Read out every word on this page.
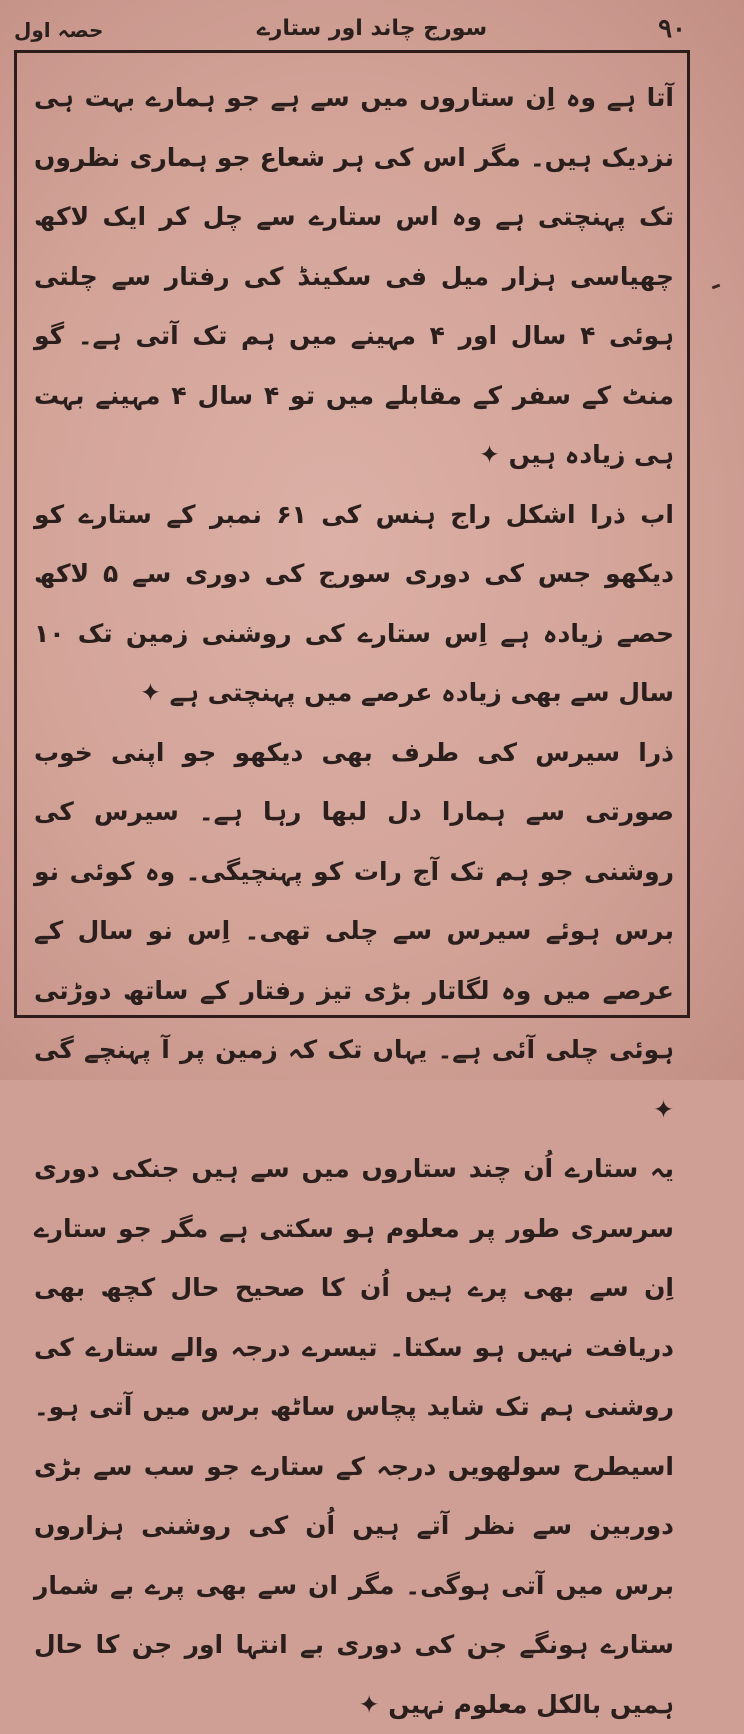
۹۰
سورج چاند اور ستارے
حصہ اول

آتا ہے وہ اِن ستاروں میں سے ہے جو ہمارے بہت ہی نزدیک ہیں۔ مگر اس کی ہر شعاع جو ہماری نظروں تک پہنچتی ہے وہ اس ستارے سے چل کر ایک لاکھ چھیاسی ہزار میل فی سکینڈ کی رفتار سے چلتی ہوئی ۴ سال اور ۴ مہینے میں ہم تک آتی ہے۔ گو منٹ کے سفر کے مقابلے میں تو ۴ سال ۴ مہینے بہت ہی زیادہ ہیں ✦

اب ذرا اشکل راج ہنس کی ۶۱ نمبر کے ستارے کو دیکھو جس کی دوری سورج کی دوری سے ۵ لاکھ حصے زیادہ ہے اِس ستارے کی روشنی زمین تک ۱۰ سال سے بھی زیادہ عرصے میں پہنچتی ہے ✦

ذرا سیرس کی طرف بھی دیکھو جو اپنی خوب صورتی سے ہمارا دل لبھا رہا ہے۔ سیرس کی روشنی جو ہم تک آج رات کو پہنچیگی۔ وہ کوئی نو برس ہوئے سیرس سے چلی تھی۔ اِس نو سال کے عرصے میں وہ لگاتار بڑی تیز رفتار کے ساتھ دوڑتی ہوئی چلی آئی ہے۔ یہاں تک کہ زمین پر آ پہنچے گی ✦

یہ ستارے اُن چند ستاروں میں سے ہیں جنکی دوری سرسری طور پر معلوم ہو سکتی ہے مگر جو ستارے اِن سے بھی پرے ہیں اُن کا صحیح حال کچھ بھی دریافت نہیں ہو سکتا۔ تیسرے درجہ والے ستارے کی روشنی ہم تک شاید پچاس ساٹھ برس میں آتی ہو۔ اسیطرح سولھویں درجہ کے ستارے جو سب سے بڑی دوربین سے نظر آتے ہیں اُن کی روشنی ہزاروں برس میں آتی ہوگی۔ مگر ان سے بھی پرے بے شمار ستارے ہونگے جن کی دوری بے انتہا اور جن کا حال ہمیں بالکل معلوم نہیں ✦
